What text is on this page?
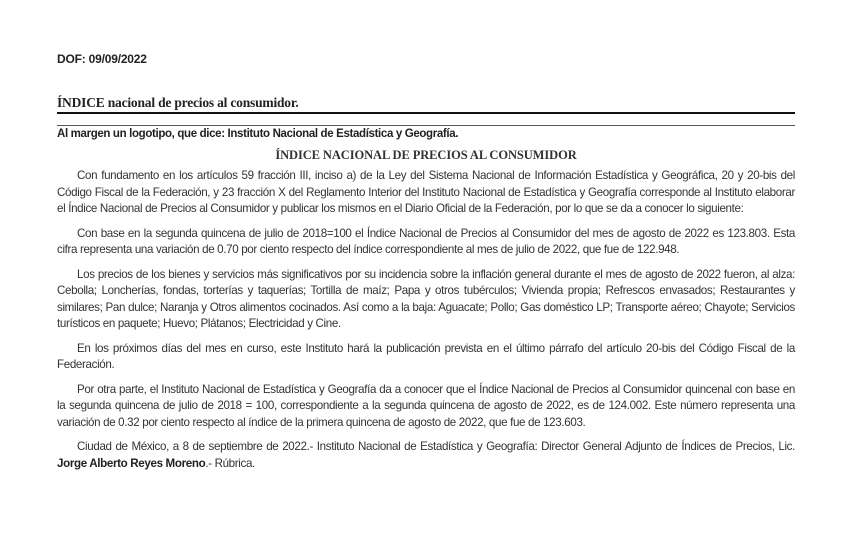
DOF: 09/09/2022
ÍNDICE nacional de precios al consumidor.
Al margen un logotipo, que dice: Instituto Nacional de Estadística y Geografía.
ÍNDICE NACIONAL DE PRECIOS AL CONSUMIDOR

Con fundamento en los artículos 59 fracción III, inciso a) de la Ley del Sistema Nacional de Información Estadística y Geográfica, 20 y 20-bis del Código Fiscal de la Federación, y 23 fracción X del Reglamento Interior del Instituto Nacional de Estadística y Geografía corresponde al Instituto elaborar el Índice Nacional de Precios al Consumidor y publicar los mismos en el Diario Oficial de la Federación, por lo que se da a conocer lo siguiente:

Con base en la segunda quincena de julio de 2018=100 el Índice Nacional de Precios al Consumidor del mes de agosto de 2022 es 123.803. Esta cifra representa una variación de 0.70 por ciento respecto del índice correspondiente al mes de julio de 2022, que fue de 122.948.

Los precios de los bienes y servicios más significativos por su incidencia sobre la inflación general durante el mes de agosto de 2022 fueron, al alza: Cebolla; Loncherías, fondas, torterías y taquerías; Tortilla de maíz; Papa y otros tubérculos; Vivienda propia; Refrescos envasados; Restaurantes y similares; Pan dulce; Naranja y Otros alimentos cocinados. Así como a la baja: Aguacate; Pollo; Gas doméstico LP; Transporte aéreo; Chayote; Servicios turísticos en paquete; Huevo; Plátanos; Electricidad y Cine.

En los próximos días del mes en curso, este Instituto hará la publicación prevista en el último párrafo del artículo 20-bis del Código Fiscal de la Federación.

Por otra parte, el Instituto Nacional de Estadística y Geografía da a conocer que el Índice Nacional de Precios al Consumidor quincenal con base en la segunda quincena de julio de 2018 = 100, correspondiente a la segunda quincena de agosto de 2022, es de 124.002. Este número representa una variación de 0.32 por ciento respecto al índice de la primera quincena de agosto de 2022, que fue de 123.603.

Ciudad de México, a 8 de septiembre de 2022.- Instituto Nacional de Estadística y Geografía: Director General Adjunto de Índices de Precios, Lic. Jorge Alberto Reyes Moreno.- Rúbrica.
